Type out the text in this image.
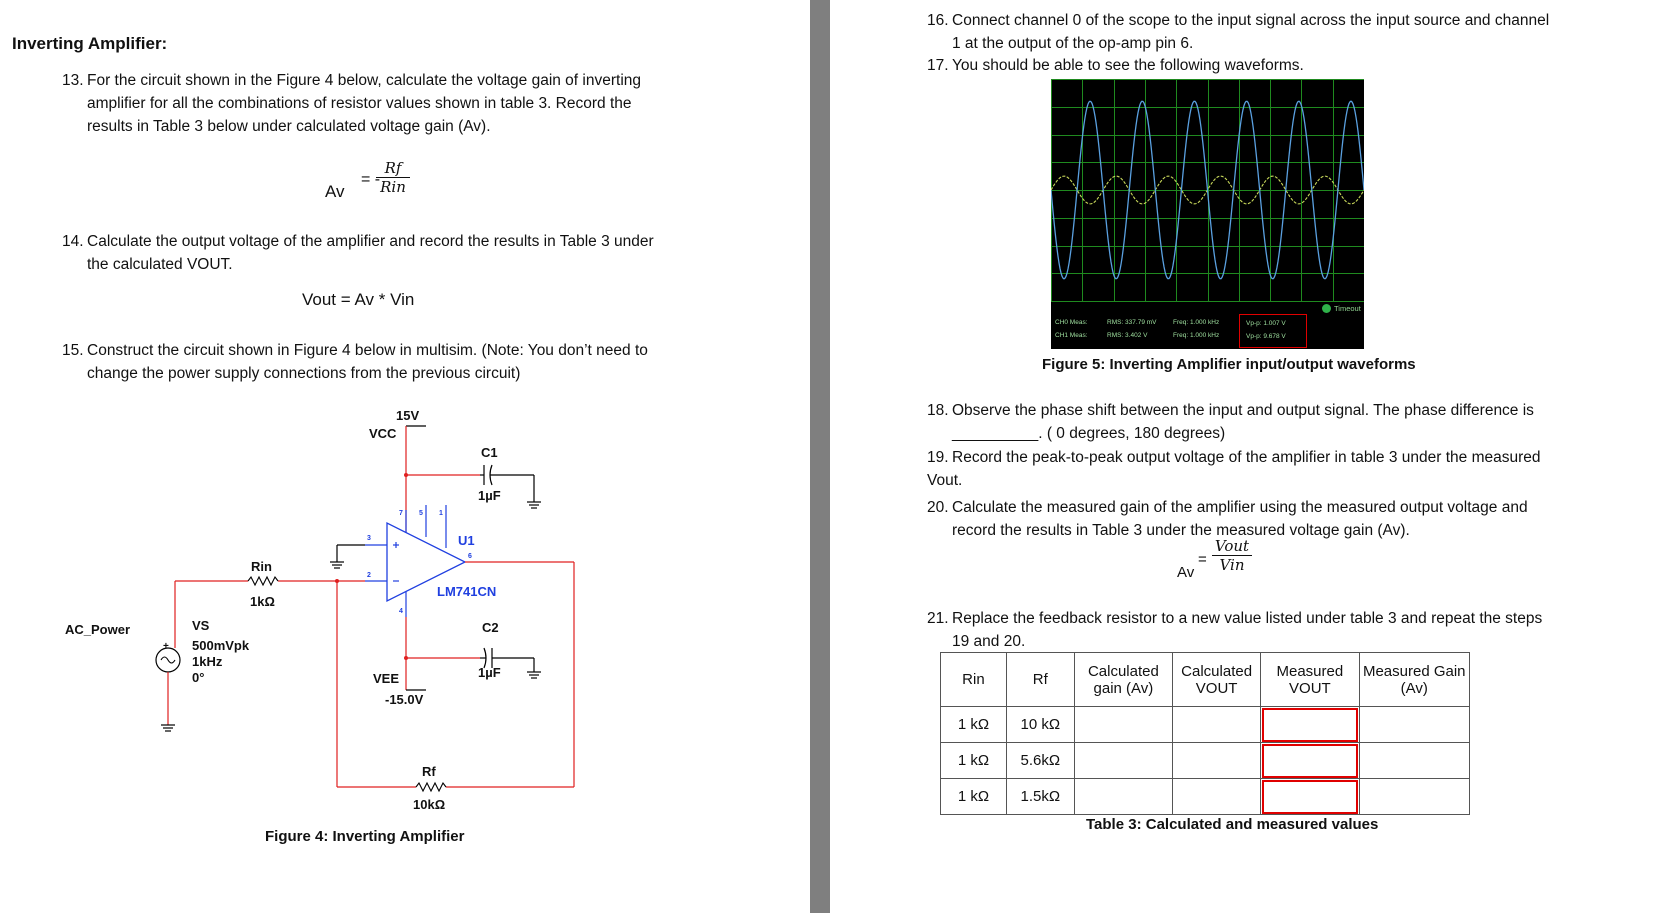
Inverting Amplifier:
13. For the circuit shown in the Figure 4 below, calculate the voltage gain of inverting
amplifier for all the combinations of resistor values shown in table 3. Record the
results in Table 3 below under calculated voltage gain (Av).
Av
= -
Rf
Rin
14. Calculate the output voltage of the amplifier and record the results in Table 3 under
the calculated VOUT.
Vout = Av * Vin
15. Construct the circuit shown in Figure 4 below in multisim. (Note: You don’t need to
change the power supply connections from the previous circuit)
15V
VCC
C1
1µF
U1
LM741CN
C2
1µF
VEE
-15.0V
Rin
1kΩ
Rf
10kΩ
AC_Power	VS
500mVpk
1kHz
0°
+
7 5 1
3
2
6
4
Figure 4: Inverting Amplifier
16. Connect channel 0 of the scope to the input signal across the input source and channel
1 at the output of the op-amp pin 6.
17. You should be able to see the following waveforms.
Timeout
CH0 Meas:	RMS: 337.79 mV	Freq: 1.000 kHz
CH1 Meas:	RMS: 3.402 V	Freq: 1.000 kHz
Vp-p: 1.007 V
Vp-p: 9.678 V
Figure 5: Inverting Amplifier input/output waveforms
18. Observe the phase shift between the input and output signal. The phase difference is
__________. ( 0 degrees, 180 degrees)
19. Record the peak-to-peak output voltage of the amplifier in table 3 under the measured
Vout.
20. Calculate the measured gain of the amplifier using the measured output voltage and
record the results in Table 3 under the measured voltage gain (Av).
Av
=
Vout
Vin
21. Replace the feedback resistor to a new value listed under table 3 and repeat the steps
19 and 20.
Rin	Rf	Calculated gain (Av)	Calculated VOUT	Measured VOUT	Measured Gain (Av)
1 kΩ	10 kΩ				
1 kΩ	5.6kΩ				
1 kΩ	1.5kΩ				
Table 3: Calculated and measured values
